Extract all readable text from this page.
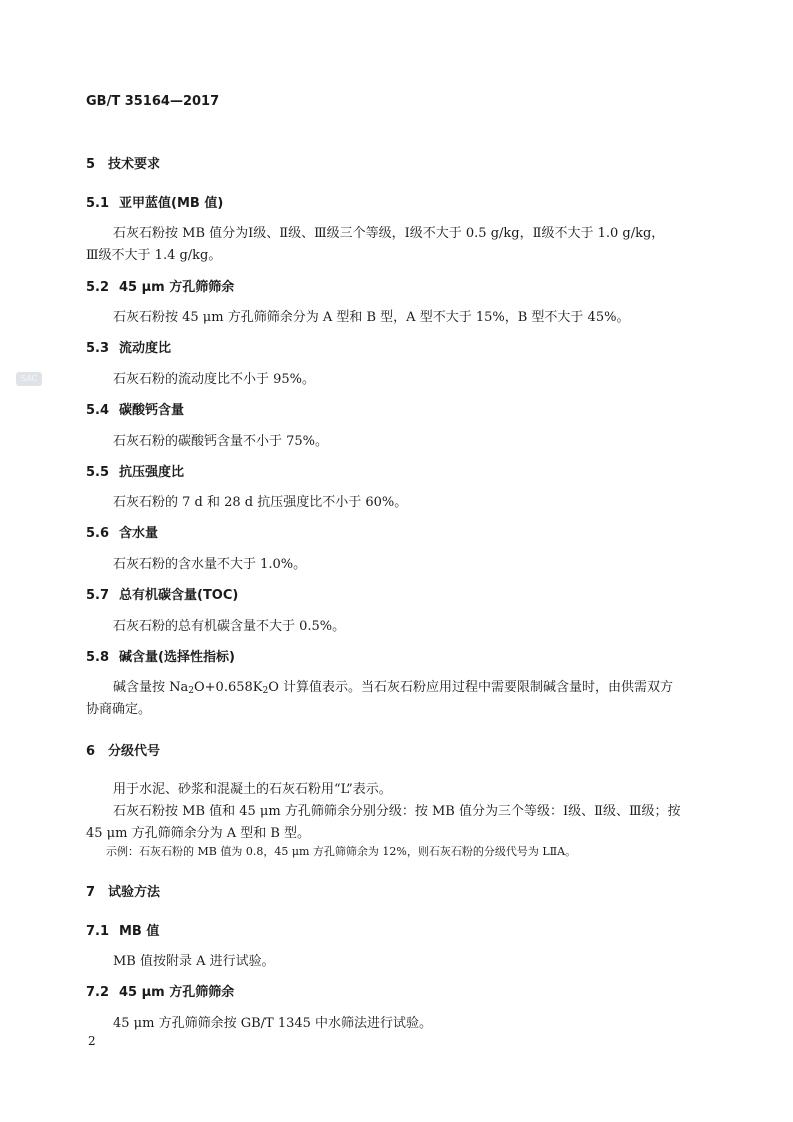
GB/T 35164—2017
SAC
5 技术要求
5.1 亚甲蓝值(MB 值)
石灰石粉按 MB 值分为Ⅰ级、Ⅱ级、Ⅲ级三个等级，Ⅰ级不大于 0.5 g/kg，Ⅱ级不大于 1.0 g/kg，
Ⅲ级不大于 1.4 g/kg。
5.2 45 μm 方孔筛筛余
石灰石粉按 45 μm 方孔筛筛余分为 A 型和 B 型，A 型不大于 15%，B 型不大于 45%。
5.3 流动度比
石灰石粉的流动度比不小于 95%。
5.4 碳酸钙含量
石灰石粉的碳酸钙含量不小于 75%。
5.5 抗压强度比
石灰石粉的 7 d 和 28 d 抗压强度比不小于 60%。
5.6 含水量
石灰石粉的含水量不大于 1.0%。
5.7 总有机碳含量(TOC)
石灰石粉的总有机碳含量不大于 0.5%。
5.8 碱含量(选择性指标)
碱含量按 $Na_2O+0.658K_2O$ 计算值表示。当石灰石粉应用过程中需要限制碱含量时，由供需双方
协商确定。
6 分级代号
用于水泥、砂浆和混凝土的石灰石粉用“L”表示。
石灰石粉按 MB 值和 45 μm 方孔筛筛余分别分级：按 MB 值分为三个等级：Ⅰ级、Ⅱ级、Ⅲ级；按
45 μm 方孔筛筛余分为 A 型和 B 型。
示例：石灰石粉的 MB 值为 0.8，45 μm 方孔筛筛余为 12%，则石灰石粉的分级代号为 LⅡA。
7 试验方法
7.1 MB 值
MB 值按附录 A 进行试验。
7.2 45 μm 方孔筛筛余
45 μm 方孔筛筛余按 GB/T 1345 中水筛法进行试验。
2
